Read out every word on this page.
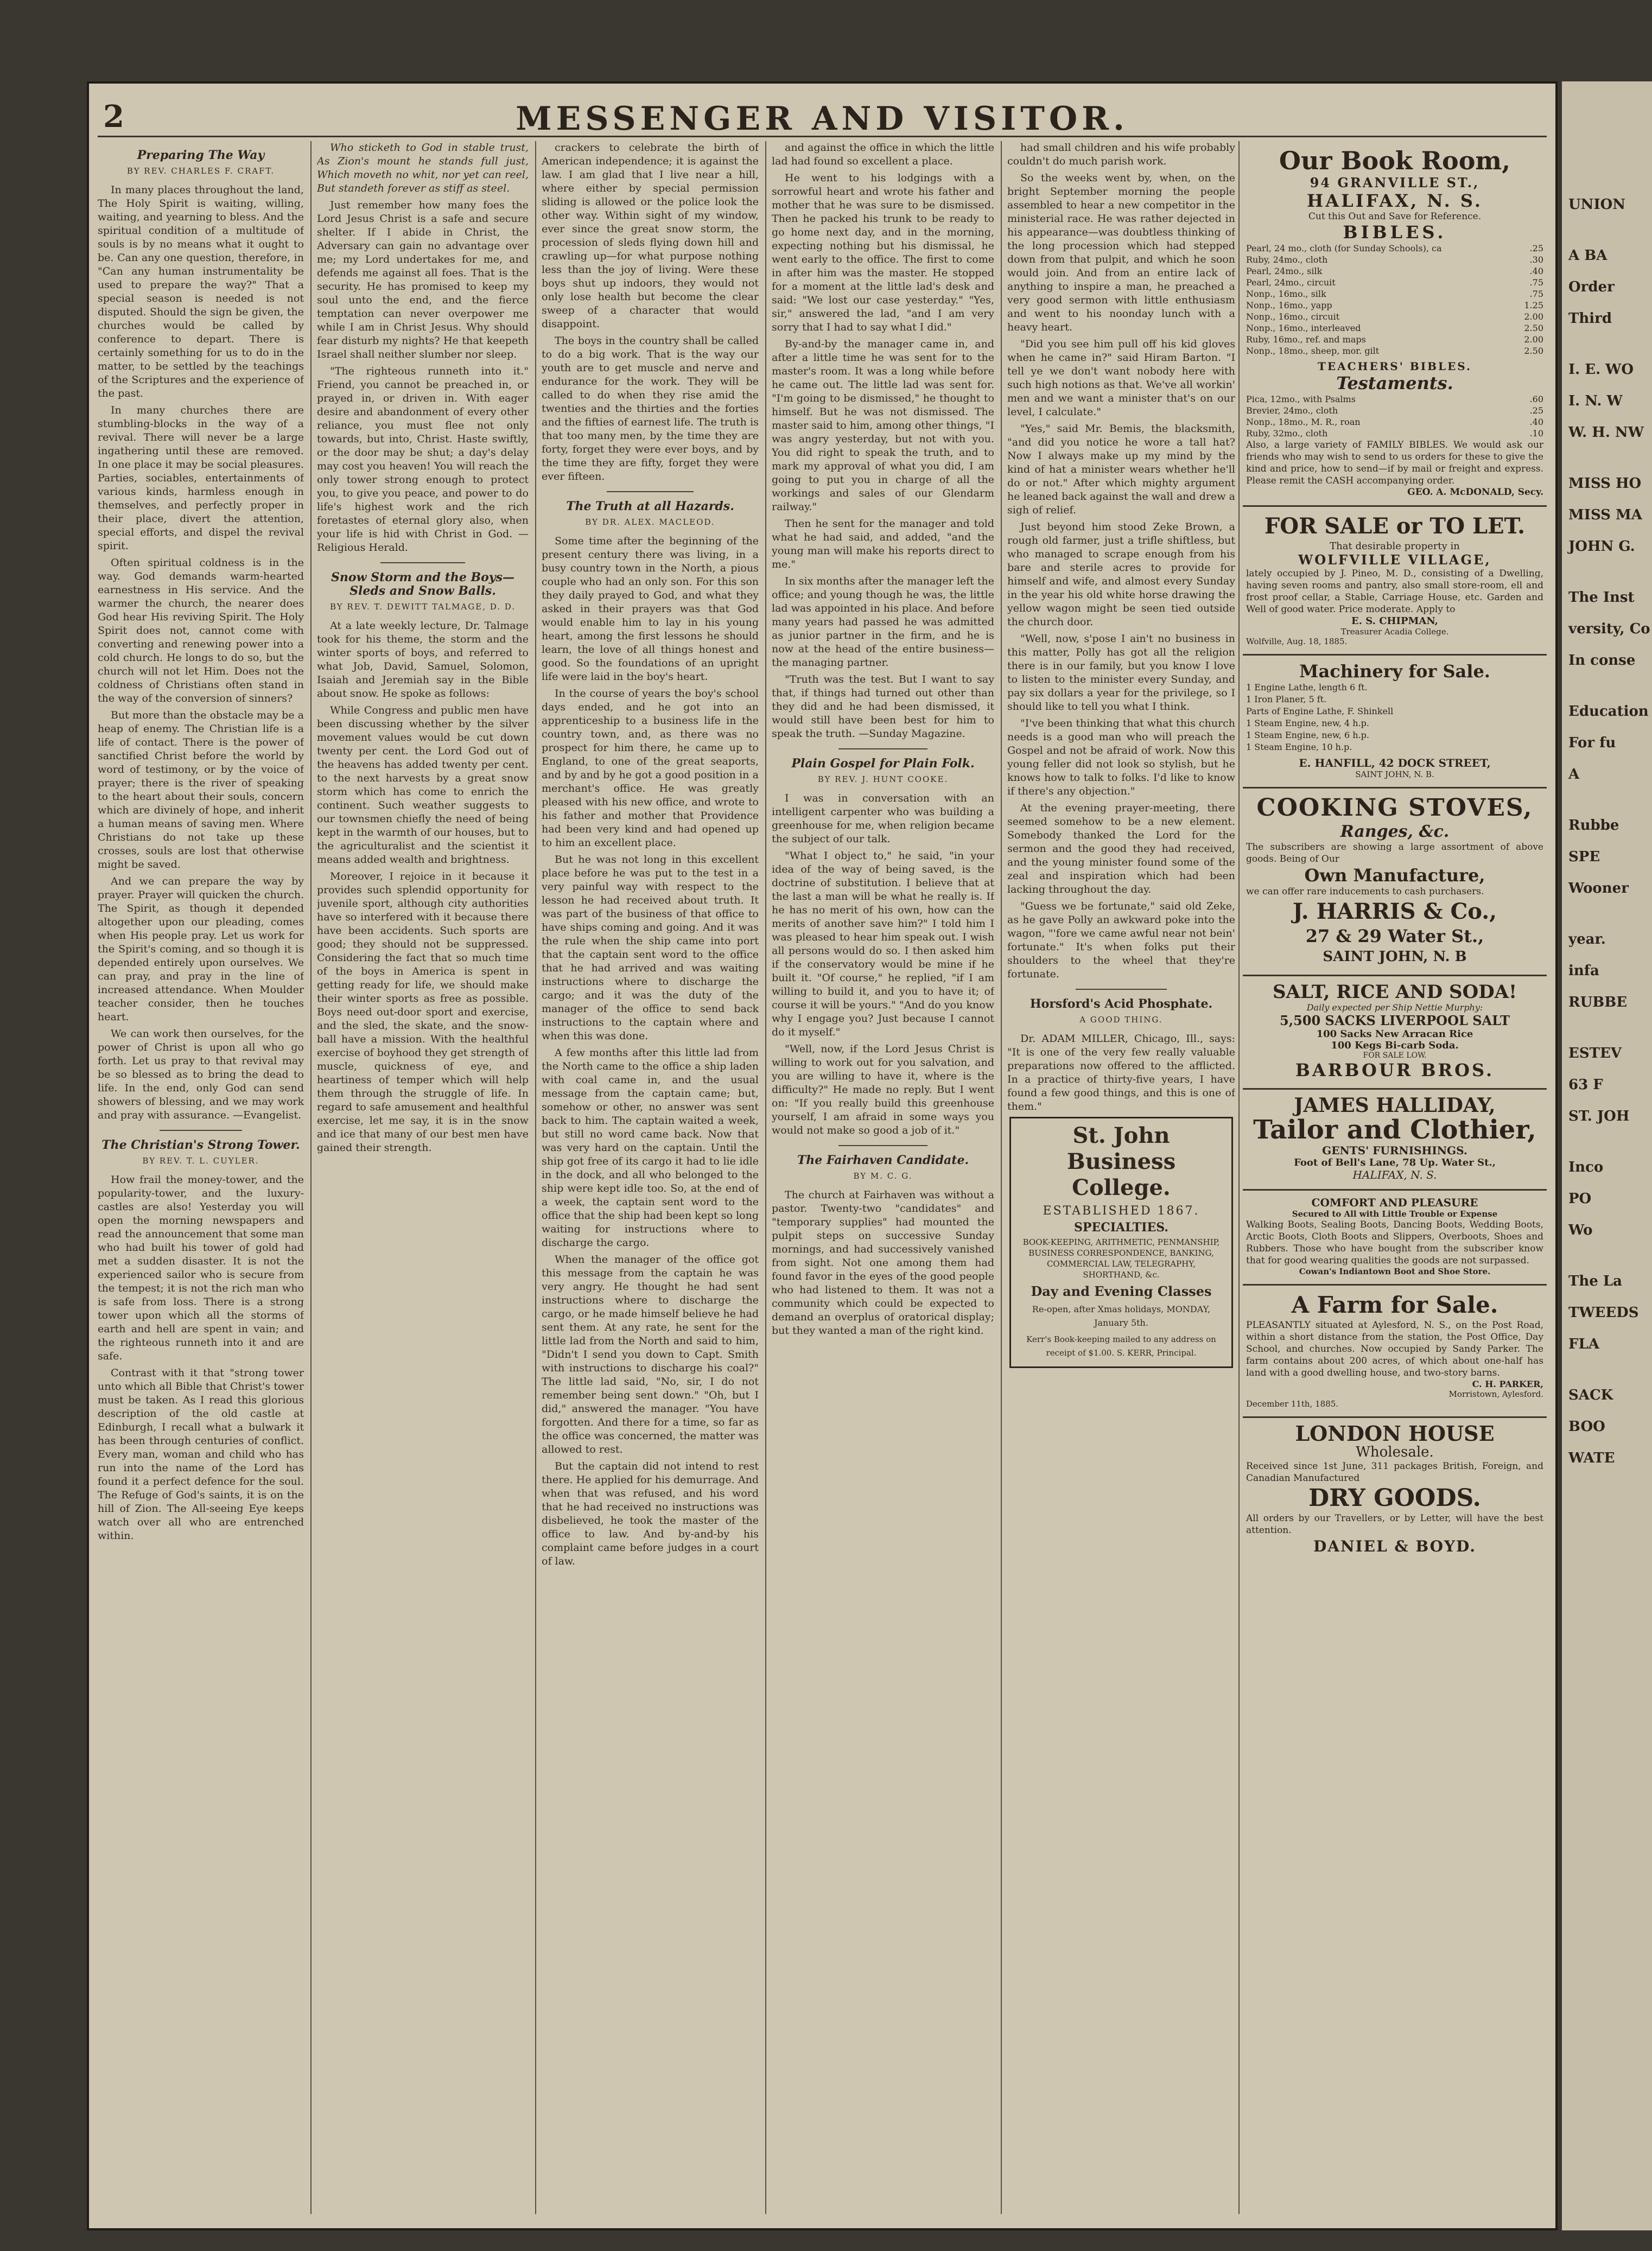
2	MESSENGER AND VISITOR.
Preparing The Way
BY REV. CHARLES F. CRAFT.

In many places throughout the land, The Holy Spirit is waiting, willing, waiting, and yearning to bless. And the spiritual condition of a multitude of souls is by no means what it ought to be. Can any one question, therefore, in "Can any human instrumentality be used to prepare the way?" That a special season is needed is not disputed. Should the sign be given, the churches would be called by conference to depart. There is certainly something for us to do in the matter, to be settled by the teachings of the Scriptures and the experience of the past.

In many churches there are stumbling-blocks in the way of a revival. There will never be a large ingathering until these are removed. In one place it may be social pleasures. Parties, sociables, entertainments of various kinds, harmless enough in themselves, and perfectly proper in their place, divert the attention, special efforts, and dispel the revival spirit.

Often spiritual coldness is in the way. God demands warm-hearted earnestness in His service. And the warmer the church, the nearer does God hear His reviving Spirit. The Holy Spirit does not, cannot come with converting and renewing power into a cold church. He longs to do so, but the church will not let Him. Does not the coldness of Christians often stand in the way of the conversion of sinners?

But more than the obstacle may be a heap of enemy. The Christian life is a life of contact. There is the power of sanctified Christ before the world by word of testimony, or by the voice of prayer; there is the river of speaking to the heart about their souls, concern which are divinely of hope, and inherit a human means of saving men. Where Christians do not take up these crosses, souls are lost that otherwise might be saved.

And we can prepare the way by prayer. Prayer will quicken the church. The Spirit, as though it depended altogether upon our pleading, comes when His people pray. Let us work for the Spirit's coming, and so though it is depended entirely upon ourselves. We can pray, and pray in the line of increased attendance. When Moulder teacher consider, then he touches heart.

We can work then ourselves, for the power of Christ is upon all who go forth. Let us pray to that revival may be so blessed as to bring the dead to life. In the end, only God can send showers of blessing, and we may work and pray with assurance. —Evangelist.

The Christian's Strong Tower.
BY REV. T. L. CUYLER.

How frail the money-tower, and the popularity-tower, and the luxury-castles are also! Yesterday you will open the morning newspapers and read the announcement that some man who had built his tower of gold had met a sudden disaster. It is not the experienced sailor who is secure from the tempest; it is not the rich man who is safe from loss. There is a strong tower upon which all the storms of earth and hell are spent in vain; and the righteous runneth into it and are safe.

Contrast with it that "strong tower unto which all Bible that Christ's tower must be taken. As I read this glorious description of the old castle at Edinburgh, I recall what a bulwark it has been through centuries of conflict. Every man, woman and child who has run into the name of the Lord has found it a perfect defence for the soul. The Refuge of God's saints, it is on the hill of Zion. The All-seeing Eye keeps watch over all who are entrenched within.

Who sticketh to God in stable trust, As Zion's mount he stands full just, Which moveth no whit, nor yet can reel, But standeth forever as stiff as steel.

Just remember how many foes the Lord Jesus Christ is a safe and secure shelter. If I abide in Christ, the Adversary can gain no advantage over me; my Lord undertakes for me, and defends me against all foes. That is the security. He has promised to keep my soul unto the end, and the fierce temptation can never overpower me while I am in Christ Jesus. Why should fear disturb my nights? He that keepeth Israel shall neither slumber nor sleep.

"The righteous runneth into it." Friend, you cannot be preached in, or prayed in, or driven in. With eager desire and abandonment of every other reliance, you must flee not only towards, but into, Christ. Haste swiftly, or the door may be shut; a day's delay may cost you heaven! You will reach the only tower strong enough to protect you, to give you peace, and power to do life's highest work and the rich foretastes of eternal glory also, when your life is hid with Christ in God. —Religious Herald.

Snow Storm and the Boys—Sleds and Snow Balls.
BY REV. T. DEWITT TALMAGE, D. D.

At a late weekly lecture, Dr. Talmage took for his theme, the storm and the winter sports of boys, and referred to what Job, David, Samuel, Solomon, Isaiah and Jeremiah say in the Bible about snow. He spoke as follows:

While Congress and public men have been discussing whether by the silver movement values would be cut down twenty per cent. the Lord God out of the heavens has added twenty per cent. to the next harvests by a great snow storm which has come to enrich the continent. Such weather suggests to our townsmen chiefly the need of being kept in the warmth of our houses, but to the agriculturalist and the scientist it means added wealth and brightness.

Moreover, I rejoice in it because it provides such splendid opportunity for juvenile sport, although city authorities have so interfered with it because there have been accidents. Such sports are good; they should not be suppressed. Considering the fact that so much time of the boys in America is spent in getting ready for life, we should make their winter sports as free as possible. Boys need out-door sport and exercise, and the sled, the skate, and the snow-ball have a mission. With the healthful exercise of boyhood they get strength of muscle, quickness of eye, and heartiness of temper which will help them through the struggle of life. In regard to safe amusement and healthful exercise, let me say, it is in the snow and ice that many of our best men have gained their strength.

crackers to celebrate the birth of American independence; it is against the law. I am glad that I live near a hill, where either by special permission sliding is allowed or the police look the other way. Within sight of my window, ever since the great snow storm, the procession of sleds flying down hill and crawling up—for what purpose nothing less than the joy of living. Were these boys shut up indoors, they would not only lose health but become the clear sweep of a character that would disappoint.

The boys in the country shall be called to do a big work. That is the way our youth are to get muscle and nerve and endurance for the work. They will be called to do when they rise amid the twenties and the thirties and the forties and the fifties of earnest life. The truth is that too many men, by the time they are forty, forget they were ever boys, and by the time they are fifty, forget they were ever fifteen.

The Truth at all Hazards.
BY DR. ALEX. MACLEOD.

Some time after the beginning of the present century there was living, in a busy country town in the North, a pious couple who had an only son. For this son they daily prayed to God, and what they asked in their prayers was that God would enable him to lay in his young heart, among the first lessons he should learn, the love of all things honest and good. So the foundations of an upright life were laid in the boy's heart.

In the course of years the boy's school days ended, and he got into an apprenticeship to a business life in the country town, and, as there was no prospect for him there, he came up to England, to one of the great seaports, and by and by he got a good position in a merchant's office. He was greatly pleased with his new office, and wrote to his father and mother that Providence had been very kind and had opened up to him an excellent place.

But he was not long in this excellent place before he was put to the test in a very painful way with respect to the lesson he had received about truth. It was part of the business of that office to have ships coming and going. And it was the rule when the ship came into port that the captain sent word to the office that he had arrived and was waiting instructions where to discharge the cargo; and it was the duty of the manager of the office to send back instructions to the captain where and when this was done.

A few months after this little lad from the North came to the office a ship laden with coal came in, and the usual message from the captain came; but, somehow or other, no answer was sent back to him. The captain waited a week, but still no word came back. Now that was very hard on the captain. Until the ship got free of its cargo it had to lie idle in the dock, and all who belonged to the ship were kept idle too. So, at the end of a week, the captain sent word to the office that the ship had been kept so long waiting for instructions where to discharge the cargo.

When the manager of the office got this message from the captain he was very angry. He thought he had sent instructions where to discharge the cargo, or he made himself believe he had sent them. At any rate, he sent for the little lad from the North and said to him, "Didn't I send you down to Capt. Smith with instructions to discharge his coal?" The little lad said, "No, sir, I do not remember being sent down." "Oh, but I did," answered the manager. "You have forgotten. And there for a time, so far as the office was concerned, the matter was allowed to rest.

But the captain did not intend to rest there. He applied for his demurrage. And when that was refused, and his word that he had received no instructions was disbelieved, he took the master of the office to law. And by-and-by his complaint came before judges in a court of law.

and against the office in which the little lad had found so excellent a place.

He went to his lodgings with a sorrowful heart and wrote his father and mother that he was sure to be dismissed. Then he packed his trunk to be ready to go home next day, and in the morning, expecting nothing but his dismissal, he went early to the office. The first to come in after him was the master. He stopped for a moment at the little lad's desk and said: "We lost our case yesterday." "Yes, sir," answered the lad, "and I am very sorry that I had to say what I did."

By-and-by the manager came in, and after a little time he was sent for to the master's room. It was a long while before he came out. The little lad was sent for. "I'm going to be dismissed," he thought to himself. But he was not dismissed. The master said to him, among other things, "I was angry yesterday, but not with you. You did right to speak the truth, and to mark my approval of what you did, I am going to put you in charge of all the workings and sales of our Glendarm railway."

Then he sent for the manager and told what he had said, and added, "and the young man will make his reports direct to me."

In six months after the manager left the office; and young though he was, the little lad was appointed in his place. And before many years had passed he was admitted as junior partner in the firm, and he is now at the head of the entire business—the managing partner.

"Truth was the test. But I want to say that, if things had turned out other than they did and he had been dismissed, it would still have been best for him to speak the truth. —Sunday Magazine.

Plain Gospel for Plain Folk.
BY REV. J. HUNT COOKE.

I was in conversation with an intelligent carpenter who was building a greenhouse for me, when religion became the subject of our talk.

"What I object to," he said, "in your idea of the way of being saved, is the doctrine of substitution. I believe that at the last a man will be what he really is. If he has no merit of his own, how can the merits of another save him?" I told him I was pleased to hear him speak out. I wish all persons would do so. I then asked him if the conservatory would be mine if he built it. "Of course," he replied, "if I am willing to build it, and you to have it; of course it will be yours." "And do you know why I engage you? Just because I cannot do it myself."

"Well, now, if the Lord Jesus Christ is willing to work out for you salvation, and you are willing to have it, where is the difficulty?" He made no reply. But I went on: "If you really build this greenhouse yourself, I am afraid in some ways you would not make so good a job of it."

The Fairhaven Candidate.
BY M. C. G.

The church at Fairhaven was without a pastor. Twenty-two "candidates" and "temporary supplies" had mounted the pulpit steps on successive Sunday mornings, and had successively vanished from sight. Not one among them had found favor in the eyes of the good people who had listened to them. It was not a community which could be expected to demand an overplus of oratorical display; but they wanted a man of the right kind.

had small children and his wife probably couldn't do much parish work.

So the weeks went by, when, on the bright September morning the people assembled to hear a new competitor in the ministerial race. He was rather dejected in his appearance—was doubtless thinking of the long procession which had stepped down from that pulpit, and which he soon would join. And from an entire lack of anything to inspire a man, he preached a very good sermon with little enthusiasm and went to his noonday lunch with a heavy heart.

"Did you see him pull off his kid gloves when he came in?" said Hiram Barton. "I tell ye we don't want nobody here with such high notions as that. We've all workin' men and we want a minister that's on our level, I calculate."

"Yes," said Mr. Bemis, the blacksmith, "and did you notice he wore a tall hat? Now I always make up my mind by the kind of hat a minister wears whether he'll do or not." After which mighty argument he leaned back against the wall and drew a sigh of relief.

Just beyond him stood Zeke Brown, a rough old farmer, just a trifle shiftless, but who managed to scrape enough from his bare and sterile acres to provide for himself and wife, and almost every Sunday in the year his old white horse drawing the yellow wagon might be seen tied outside the church door.

"Well, now, s'pose I ain't no business in this matter, Polly has got all the religion there is in our family, but you know I love to listen to the minister every Sunday, and pay six dollars a year for the privilege, so I should like to tell you what I think.

"I've been thinking that what this church needs is a good man who will preach the Gospel and not be afraid of work. Now this young feller did not look so stylish, but he knows how to talk to folks. I'd like to know if there's any objection."

At the evening prayer-meeting, there seemed somehow to be a new element. Somebody thanked the Lord for the sermon and the good they had received, and the young minister found some of the zeal and inspiration which had been lacking throughout the day.

"Guess we be fortunate," said old Zeke, as he gave Polly an awkward poke into the wagon, "'fore we came awful near not bein' fortunate." It's when folks put their shoulders to the wheel that they're fortunate.

Horsford's Acid Phosphate.
A GOOD THING.

Dr. ADAM MILLER, Chicago, Ill., says: "It is one of the very few really valuable preparations now offered to the afflicted. In a practice of thirty-five years, I have found a few good things, and this is one of them."

St. John Business College.
ESTABLISHED 1867.
SPECIALTIES.
BOOK-KEEPING, ARITHMETIC, PENMANSHIP, BUSINESS CORRESPONDENCE, BANKING, COMMERCIAL LAW, TELEGRAPHY, SHORTHAND, &c.
Day and Evening Classes
Re-open, after Xmas holidays, MONDAY, January 5th.
Kerr's Book-keeping mailed to any address on receipt of $1.00. S. KERR, Principal.
Our Book Room,
94 GRANVILLE ST.,
HALIFAX, N. S.
Cut this Out and Save for Reference.
BIBLES.
Pearl, 24 mo., cloth (for Sunday Schools), ca	.25
Ruby, 24mo., cloth	.30
Pearl, 24mo., silk	.40
Pearl, 24mo., circuit	.75
Nonp., 16mo., silk	.75
Nonp., 16mo., yapp	1.25
Nonp., 16mo., circuit	2.00
Nonp., 16mo., interleaved	2.50
Ruby, 16mo., ref. and maps	2.00
Nonp., 18mo., sheep, mor. gilt	2.50
TEACHERS' BIBLES.
Testaments.
Pica, 12mo., with Psalms	.60
Brevier, 24mo., cloth	.25
Nonp., 18mo., M. R., roan	.40
Ruby, 32mo., cloth	.10
Also, a large variety of FAMILY BIBLES. We would ask our friends who may wish to send to us orders for these to give the kind and price, how to send—if by mail or freight and express. Please remit the CASH accompanying order.
GEO. A. McDONALD, Secy.
FOR SALE or TO LET.
That desirable property in
WOLFVILLE VILLAGE,
lately occupied by J. Pineo, M. D., consisting of a Dwelling, having seven rooms and pantry, also small store-room, ell and frost proof cellar, a Stable, Carriage House, etc. Garden and Well of good water. Price moderate. Apply to
E. S. CHIPMAN,
Treasurer Acadia College.
Wolfville, Aug. 18, 1885.
Machinery for Sale.
1 Engine Lathe, length 6 ft.
1 Iron Planer, 5 ft.
Parts of Engine Lathe, F. Shinkell
1 Steam Engine, new, 4 h.p.
1 Steam Engine, new, 6 h.p.
1 Steam Engine, 10 h.p.
E. HANFILL, 42 DOCK STREET,
SAINT JOHN, N. B.
COOKING STOVES,
Ranges, &c.
The subscribers are showing a large assortment of above goods. Being of Our
Own Manufacture,
we can offer rare inducements to cash purchasers.
J. HARRIS & Co.,
27 & 29 Water St.,
SAINT JOHN, N. B
SALT, RICE AND SODA!
Daily expected per Ship Nettie Murphy:
5,500 SACKS LIVERPOOL SALT
100 Sacks New Arracan Rice
100 Kegs Bi-carb Soda.
FOR SALE LOW.
BARBOUR BROS.
JAMES HALLIDAY,
Tailor and Clothier,
GENTS' FURNISHINGS.
Foot of Bell's Lane, 78 Up. Water St.,
HALIFAX, N. S.
COMFORT AND PLEASURE
Secured to All with Little Trouble or Expense
Walking Boots, Sealing Boots, Dancing Boots, Wedding Boots, Arctic Boots, Cloth Boots and Slippers, Overboots, Shoes and Rubbers. Those who have bought from the subscriber know that for good wearing qualities the goods are not surpassed.
Cowan's Indiantown Boot and Shoe Store.
A Farm for Sale.
PLEASANTLY situated at Aylesford, N. S., on the Post Road, within a short distance from the station, the Post Office, Day School, and churches. Now occupied by Sandy Parker. The farm contains about 200 acres, of which about one-half has land with a good dwelling house, and two-story barns.
C. H. PARKER,
Morristown, Aylesford.
December 11th, 1885.
LONDON HOUSE
Wholesale.
Received since 1st June, 311 packages British, Foreign, and Canadian Manufactured
DRY GOODS.
All orders by our Travellers, or by Letter, will have the best attention.
DANIEL & BOYD.
UNION
A BA
Order
Third
I. E. WO
I. N. W
W. H. NW
MISS HO
MISS MA
JOHN G.
The Inst
versity, Co
In conse
Education
For fu
A
Rubbe
SPE
Wooner
year.
infa
RUBBE
ESTEV
63 F
ST. JOH
Inco
PO
Wo
The La
TWEEDS
FLA
SACK
BOO
WATE
